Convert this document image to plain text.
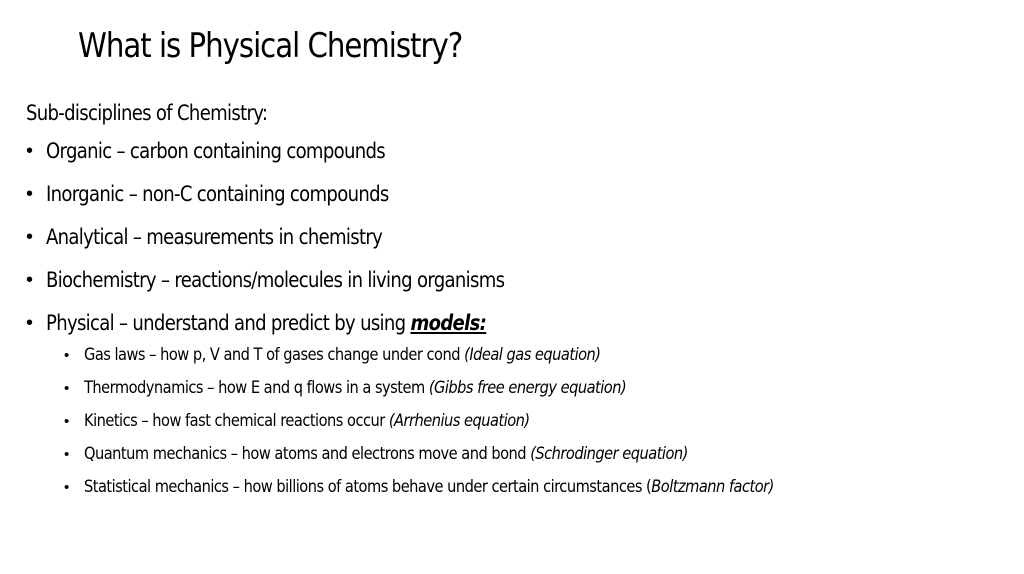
What is Physical Chemistry?
Sub-disciplines of Chemistry:
• Organic – carbon containing compounds
• Inorganic – non-C containing compounds
• Analytical – measurements in chemistry
• Biochemistry – reactions/molecules in living organisms
• Physical – understand and predict by using models:
• Gas laws – how p, V and T of gases change under cond (Ideal gas equation)
• Thermodynamics – how E and q flows in a system (Gibbs free energy equation)
• Kinetics – how fast chemical reactions occur (Arrhenius equation)
• Quantum mechanics – how atoms and electrons move and bond (Schrodinger equation)
• Statistical mechanics – how billions of atoms behave under certain circumstances (Boltzmann factor)
